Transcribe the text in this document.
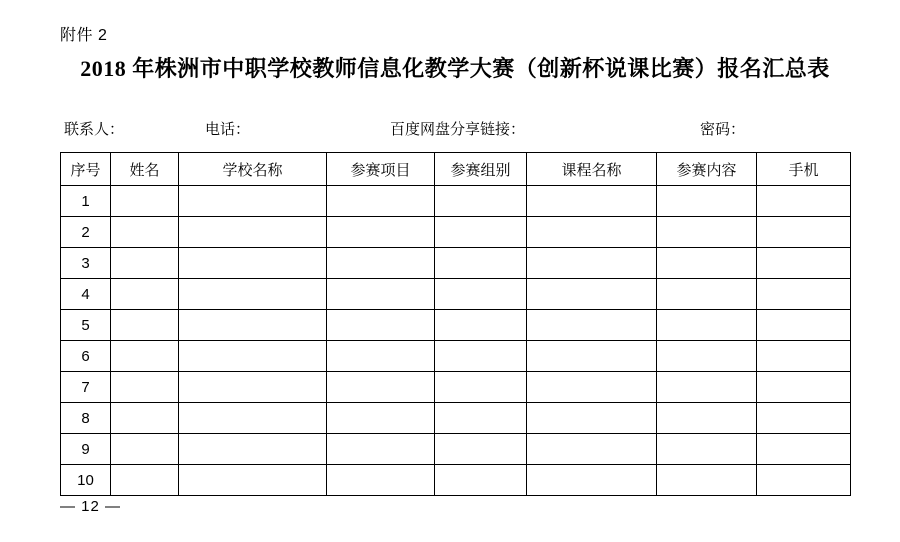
附件 2
2018 年株洲市中职学校教师信息化教学大赛（创新杯说课比赛）报名汇总表
联系人：	电话：	百度网盘分享链接：	密码：
序号	姓名	学校名称	参赛项目	参赛组别	课程名称	参赛内容	手机
1							
2							
3							
4							
5							
6							
7							
8							
9							
10							
— 12 —
